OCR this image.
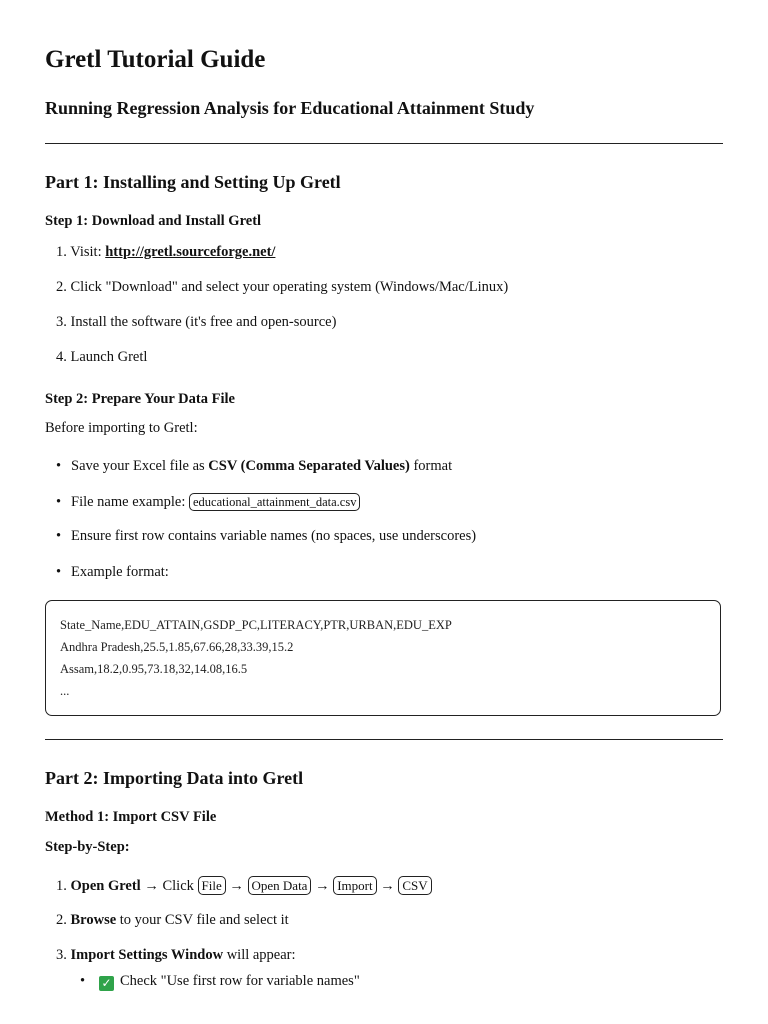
Gretl Tutorial Guide
Running Regression Analysis for Educational Attainment Study
Part 1: Installing and Setting Up Gretl
Step 1: Download and Install Gretl
1. Visit: http://gretl.sourceforge.net/
2. Click "Download" and select your operating system (Windows/Mac/Linux)
3. Install the software (it's free and open-source)
4. Launch Gretl
Step 2: Prepare Your Data File
Before importing to Gretl:
• Save your Excel file as CSV (Comma Separated Values) format
• File name example: educational_attainment_data.csv
• Ensure first row contains variable names (no spaces, use underscores)
• Example format:
State_Name,EDU_ATTAIN,GSDP_PC,LITERACY,PTR,URBAN,EDU_EXP
Andhra Pradesh,25.5,1.85,67.66,28,33.39,15.2
Assam,18.2,0.95,73.18,32,14.08,16.5
...
Part 2: Importing Data into Gretl
Method 1: Import CSV File
Step-by-Step:
1. Open Gretl → Click File → Open Data → Import → CSV
2. Browse to your CSV file and select it
3. Import Settings Window will appear:
• ✓ Check "Use first row for variable names"
